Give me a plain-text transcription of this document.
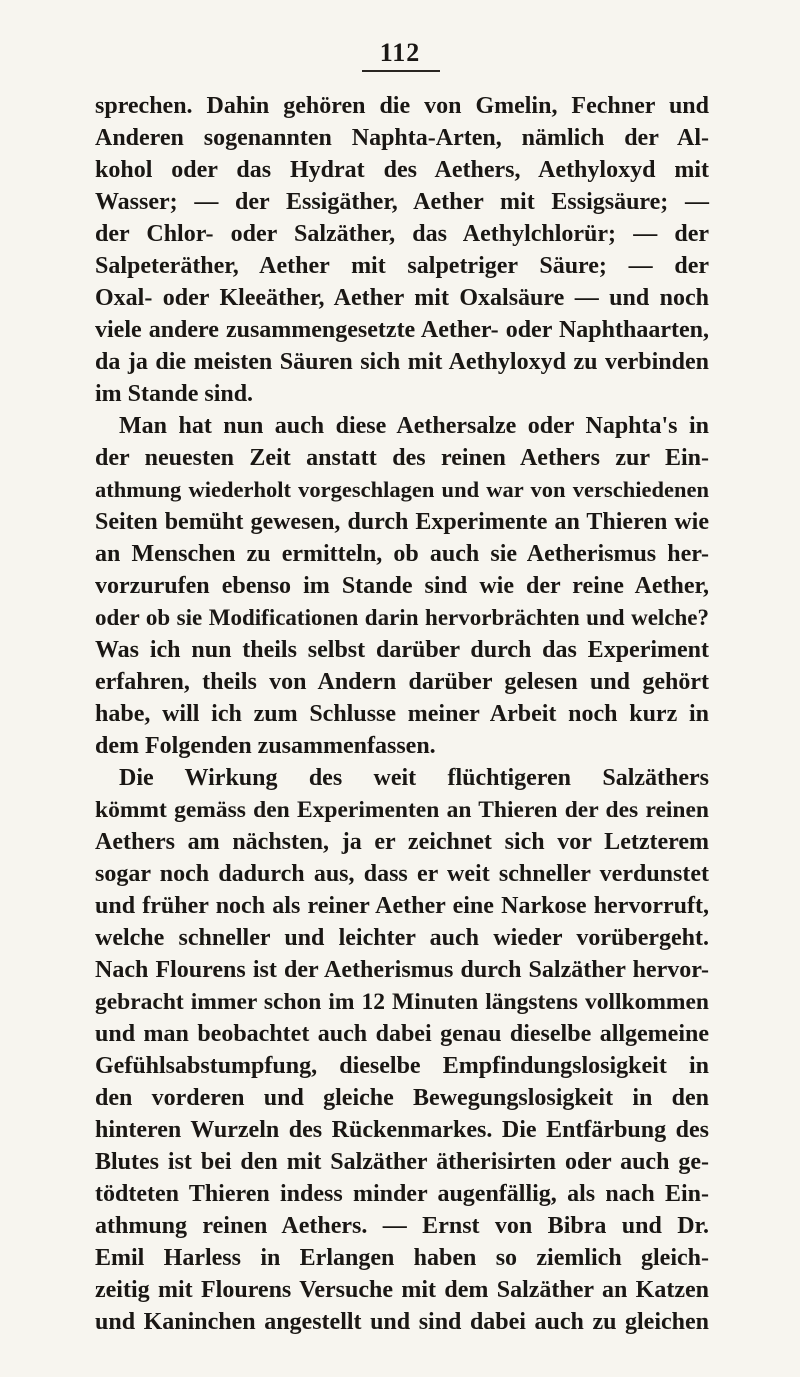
112
sprechen. Dahin gehören die von Gmelin, Fechner und
Anderen sogenannten Naphta-Arten, nämlich der Al-
kohol oder das Hydrat des Aethers, Aethyloxyd mit
Wasser; — der Essigäther, Aether mit Essigsäure; —
der Chlor- oder Salzäther, das Aethylchlorür; — der
Salpeteräther, Aether mit salpetriger Säure; — der
Oxal- oder Kleeäther, Aether mit Oxalsäure — und noch
viele andere zusammengesetzte Aether- oder Naphthaarten,
da ja die meisten Säuren sich mit Aethyloxyd zu verbinden
im Stande sind.
Man hat nun auch diese Aethersalze oder Naphta's in
der neuesten Zeit anstatt des reinen Aethers zur Ein-
athmung wiederholt vorgeschlagen und war von verschiedenen
Seiten bemüht gewesen, durch Experimente an Thieren wie
an Menschen zu ermitteln, ob auch sie Aetherismus her-
vorzurufen ebenso im Stande sind wie der reine Aether,
oder ob sie Modificationen darin hervorbrächten und welche?
Was ich nun theils selbst darüber durch das Experiment
erfahren, theils von Andern darüber gelesen und gehört
habe, will ich zum Schlusse meiner Arbeit noch kurz in
dem Folgenden zusammenfassen.
Die Wirkung des weit flüchtigeren Salzäthers
kömmt gemäss den Experimenten an Thieren der des reinen
Aethers am nächsten, ja er zeichnet sich vor Letzterem
sogar noch dadurch aus, dass er weit schneller verdunstet
und früher noch als reiner Aether eine Narkose hervorruft,
welche schneller und leichter auch wieder vorübergeht.
Nach Flourens ist der Aetherismus durch Salzäther hervor-
gebracht immer schon im 12 Minuten längstens vollkommen
und man beobachtet auch dabei genau dieselbe allgemeine
Gefühlsabstumpfung, dieselbe Empfindungslosigkeit in
den vorderen und gleiche Bewegungslosigkeit in den
hinteren Wurzeln des Rückenmarkes. Die Entfärbung des
Blutes ist bei den mit Salzäther ätherisirten oder auch ge-
tödteten Thieren indess minder augenfällig, als nach Ein-
athmung reinen Aethers. — Ernst von Bibra und Dr.
Emil Harless in Erlangen haben so ziemlich gleich-
zeitig mit Flourens Versuche mit dem Salzäther an Katzen
und Kaninchen angestellt und sind dabei auch zu gleichen
